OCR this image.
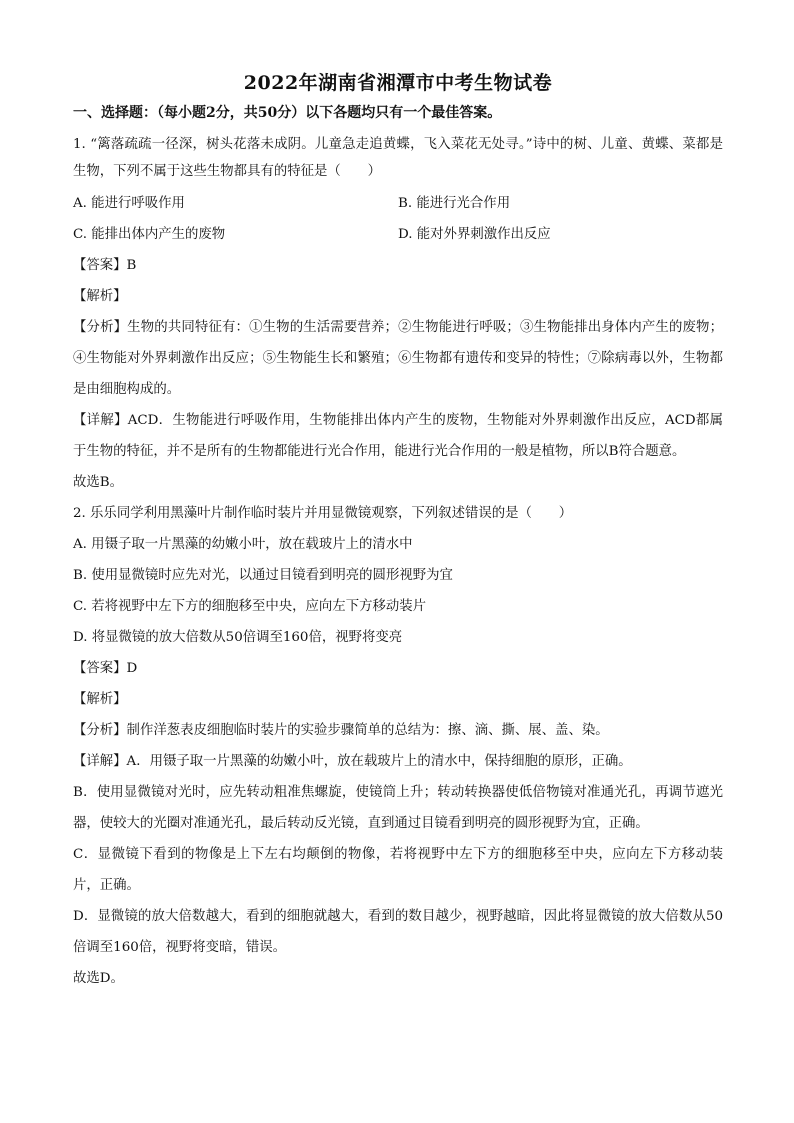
2022年湖南省湘潭市中考生物试卷
一、选择题：（每小题2分，共50分）以下各题均只有一个最佳答案。

1. “篱落疏疏一径深，树头花落未成阴。儿童急走追黄蝶，飞入菜花无处寻。”诗中的树、儿童、黄蝶、菜都是生物，下列不属于这些生物都具有的特征是（　　）

A. 能进行呼吸作用	B. 能进行光合作用
C. 能排出体内产生的废物	D. 能对外界刺激作出反应

【答案】B

【解析】

【分析】生物的共同特征有：①生物的生活需要营养；②生物能进行呼吸；③生物能排出身体内产生的废物；④生物能对外界刺激作出反应；⑤生物能生长和繁殖；⑥生物都有遗传和变异的特性；⑦除病毒以外，生物都是由细胞构成的。

【详解】ACD．生物能进行呼吸作用，生物能排出体内产生的废物，生物能对外界刺激作出反应，ACD都属于生物的特征，并不是所有的生物都能进行光合作用，能进行光合作用的一般是植物，所以B符合题意。

故选B。

2. 乐乐同学利用黑藻叶片制作临时装片并用显微镜观察，下列叙述错误的是（　　）

A. 用镊子取一片黑藻的幼嫩小叶，放在载玻片上的清水中

B. 使用显微镜时应先对光，以通过目镜看到明亮的圆形视野为宜

C. 若将视野中左下方的细胞移至中央，应向左下方移动装片

D. 将显微镜的放大倍数从50倍调至160倍，视野将变亮

【答案】D

【解析】

【分析】制作洋葱表皮细胞临时装片的实验步骤简单的总结为：擦、滴、撕、展、盖、染。

【详解】A．用镊子取一片黑藻的幼嫩小叶，放在载玻片上的清水中，保持细胞的原形，正确。

B．使用显微镜对光时，应先转动粗准焦螺旋，使镜筒上升；转动转换器使低倍物镜对准通光孔，再调节遮光器，使较大的光圈对准通光孔，最后转动反光镜，直到通过目镜看到明亮的圆形视野为宜，正确。

C．显微镜下看到的物像是上下左右均颠倒的物像，若将视野中左下方的细胞移至中央，应向左下方移动装片，正确。

D．显微镜的放大倍数越大，看到的细胞就越大，看到的数目越少，视野越暗，因此将显微镜的放大倍数从50倍调至160倍，视野将变暗，错误。

故选D。
